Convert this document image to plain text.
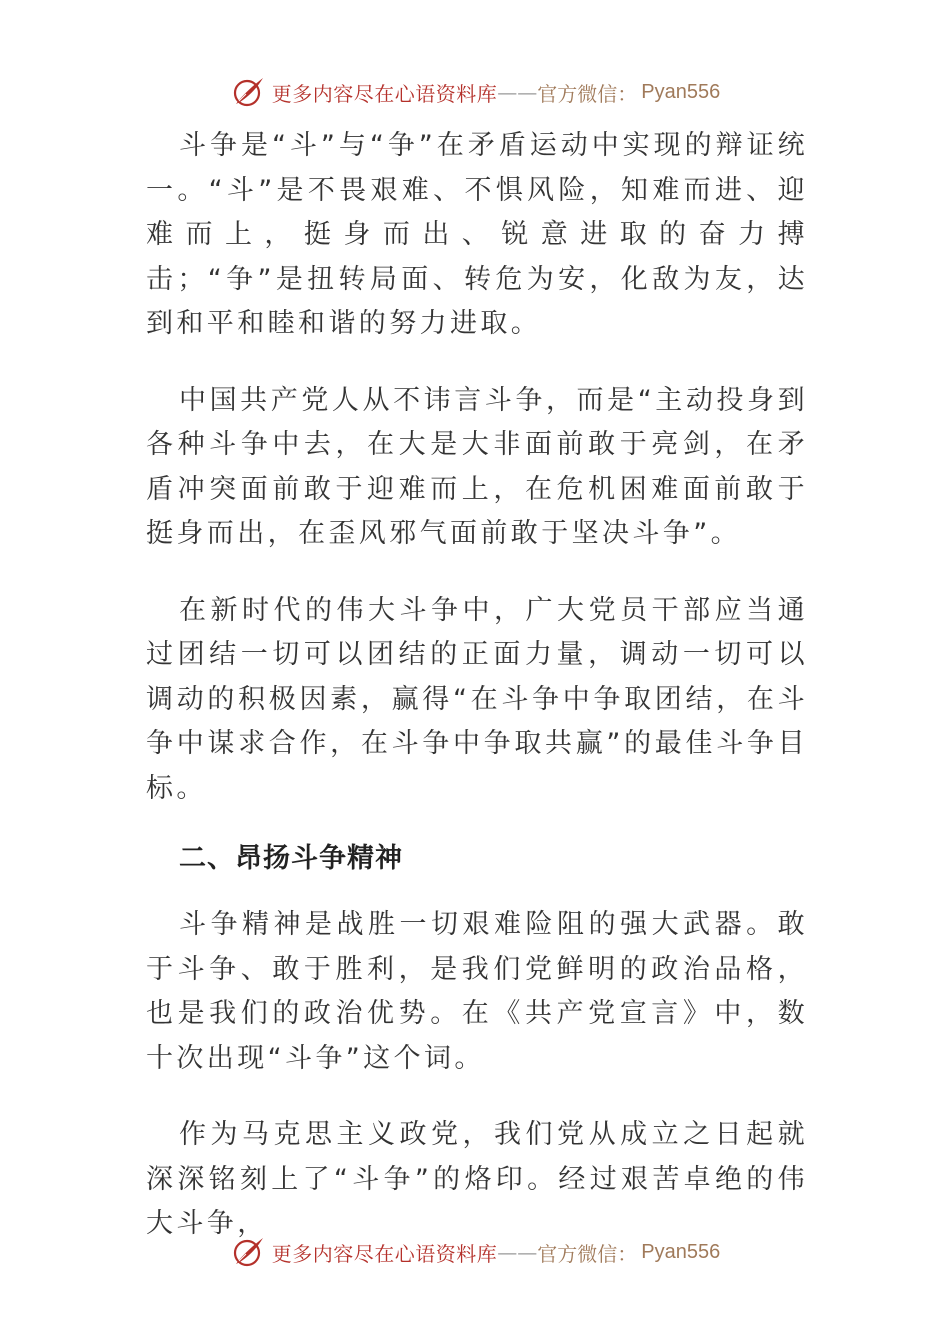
更多内容尽在心语资料库 —— 官方微信： Pyan556

斗争是“斗”与“争”在矛盾运动中实现的辩证统一。“斗”是不畏艰难、不惧风险，知难而进、迎难而上，挺身而出、锐意进取的奋力搏击；“争”是扭转局面、转危为安，化敌为友，达到和平和睦和谐的努力进取。

中国共产党人从不讳言斗争，而是“主动投身到各种斗争中去，在大是大非面前敢于亮剑，在矛盾冲突面前敢于迎难而上，在危机困难面前敢于挺身而出，在歪风邪气面前敢于坚决斗争”。

在新时代的伟大斗争中，广大党员干部应当通过团结一切可以团结的正面力量，调动一切可以调动的积极因素，赢得“在斗争中争取团结，在斗争中谋求合作，在斗争中争取共赢”的最佳斗争目标。

二、昂扬斗争精神

斗争精神是战胜一切艰难险阻的强大武器。敢于斗争、敢于胜利，是我们党鲜明的政治品格，也是我们的政治优势。在《共产党宣言》中，数十次出现“斗争”这个词。

作为马克思主义政党，我们党从成立之日起就深深铭刻上了“斗争”的烙印。经过艰苦卓绝的伟大斗争，

更多内容尽在心语资料库 —— 官方微信： Pyan556
